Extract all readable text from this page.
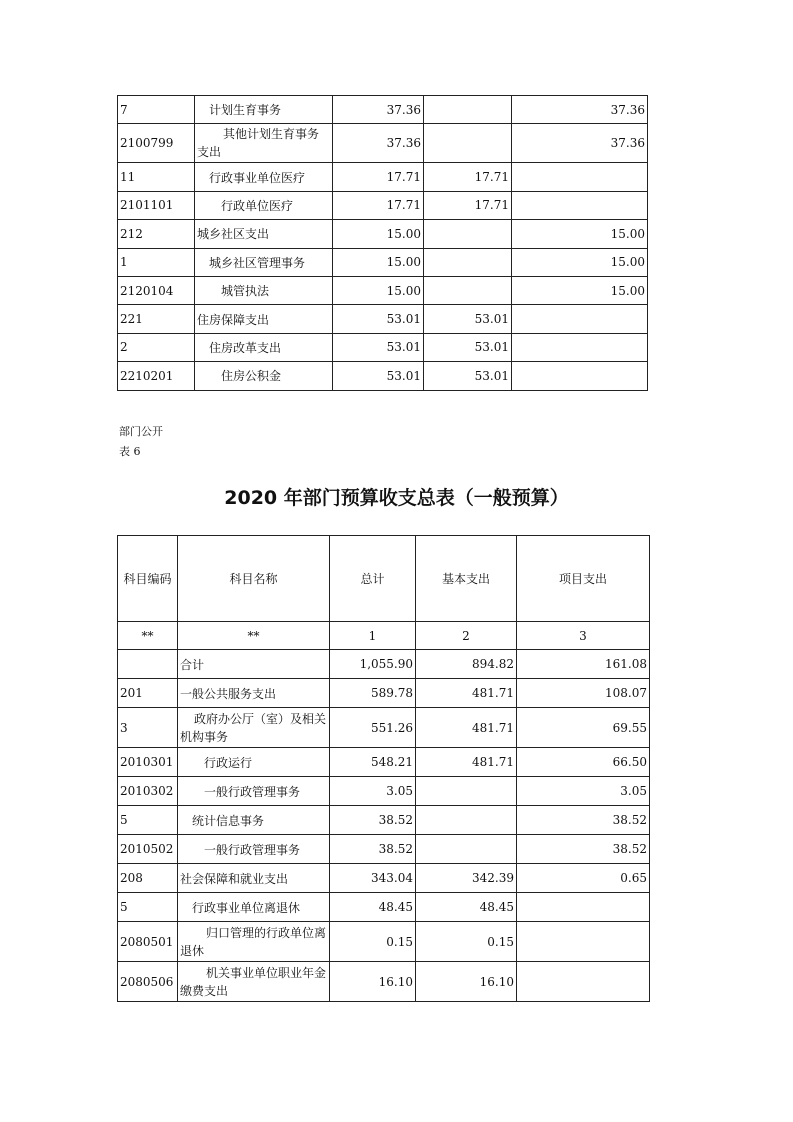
7	计划生育事务	37.36		37.36
2100799	其他计划生育事务支出	37.36		37.36
11	行政事业单位医疗	17.71	17.71	
2101101	行政单位医疗	17.71	17.71	
212	城乡社区支出	15.00		15.00
1	城乡社区管理事务	15.00		15.00
2120104	城管执法	15.00		15.00
221	住房保障支出	53.01	53.01	
2	住房改革支出	53.01	53.01	
2210201	住房公积金	53.01	53.01	
部门公开
表 6
2020 年部门预算收支总表（一般预算）
科目编码	科目名称	总计	基本支出	项目支出
**	**	1	2	3
	合计	1,055.90	894.82	161.08
201	一般公共服务支出	589.78	481.71	108.07
3	政府办公厅（室）及相关机构事务	551.26	481.71	69.55
2010301	行政运行	548.21	481.71	66.50
2010302	一般行政管理事务	3.05		3.05
5	统计信息事务	38.52		38.52
2010502	一般行政管理事务	38.52		38.52
208	社会保障和就业支出	343.04	342.39	0.65
5	行政事业单位离退休	48.45	48.45	
2080501	归口管理的行政单位离退休	0.15	0.15	
2080506	机关事业单位职业年金缴费支出	16.10	16.10	
